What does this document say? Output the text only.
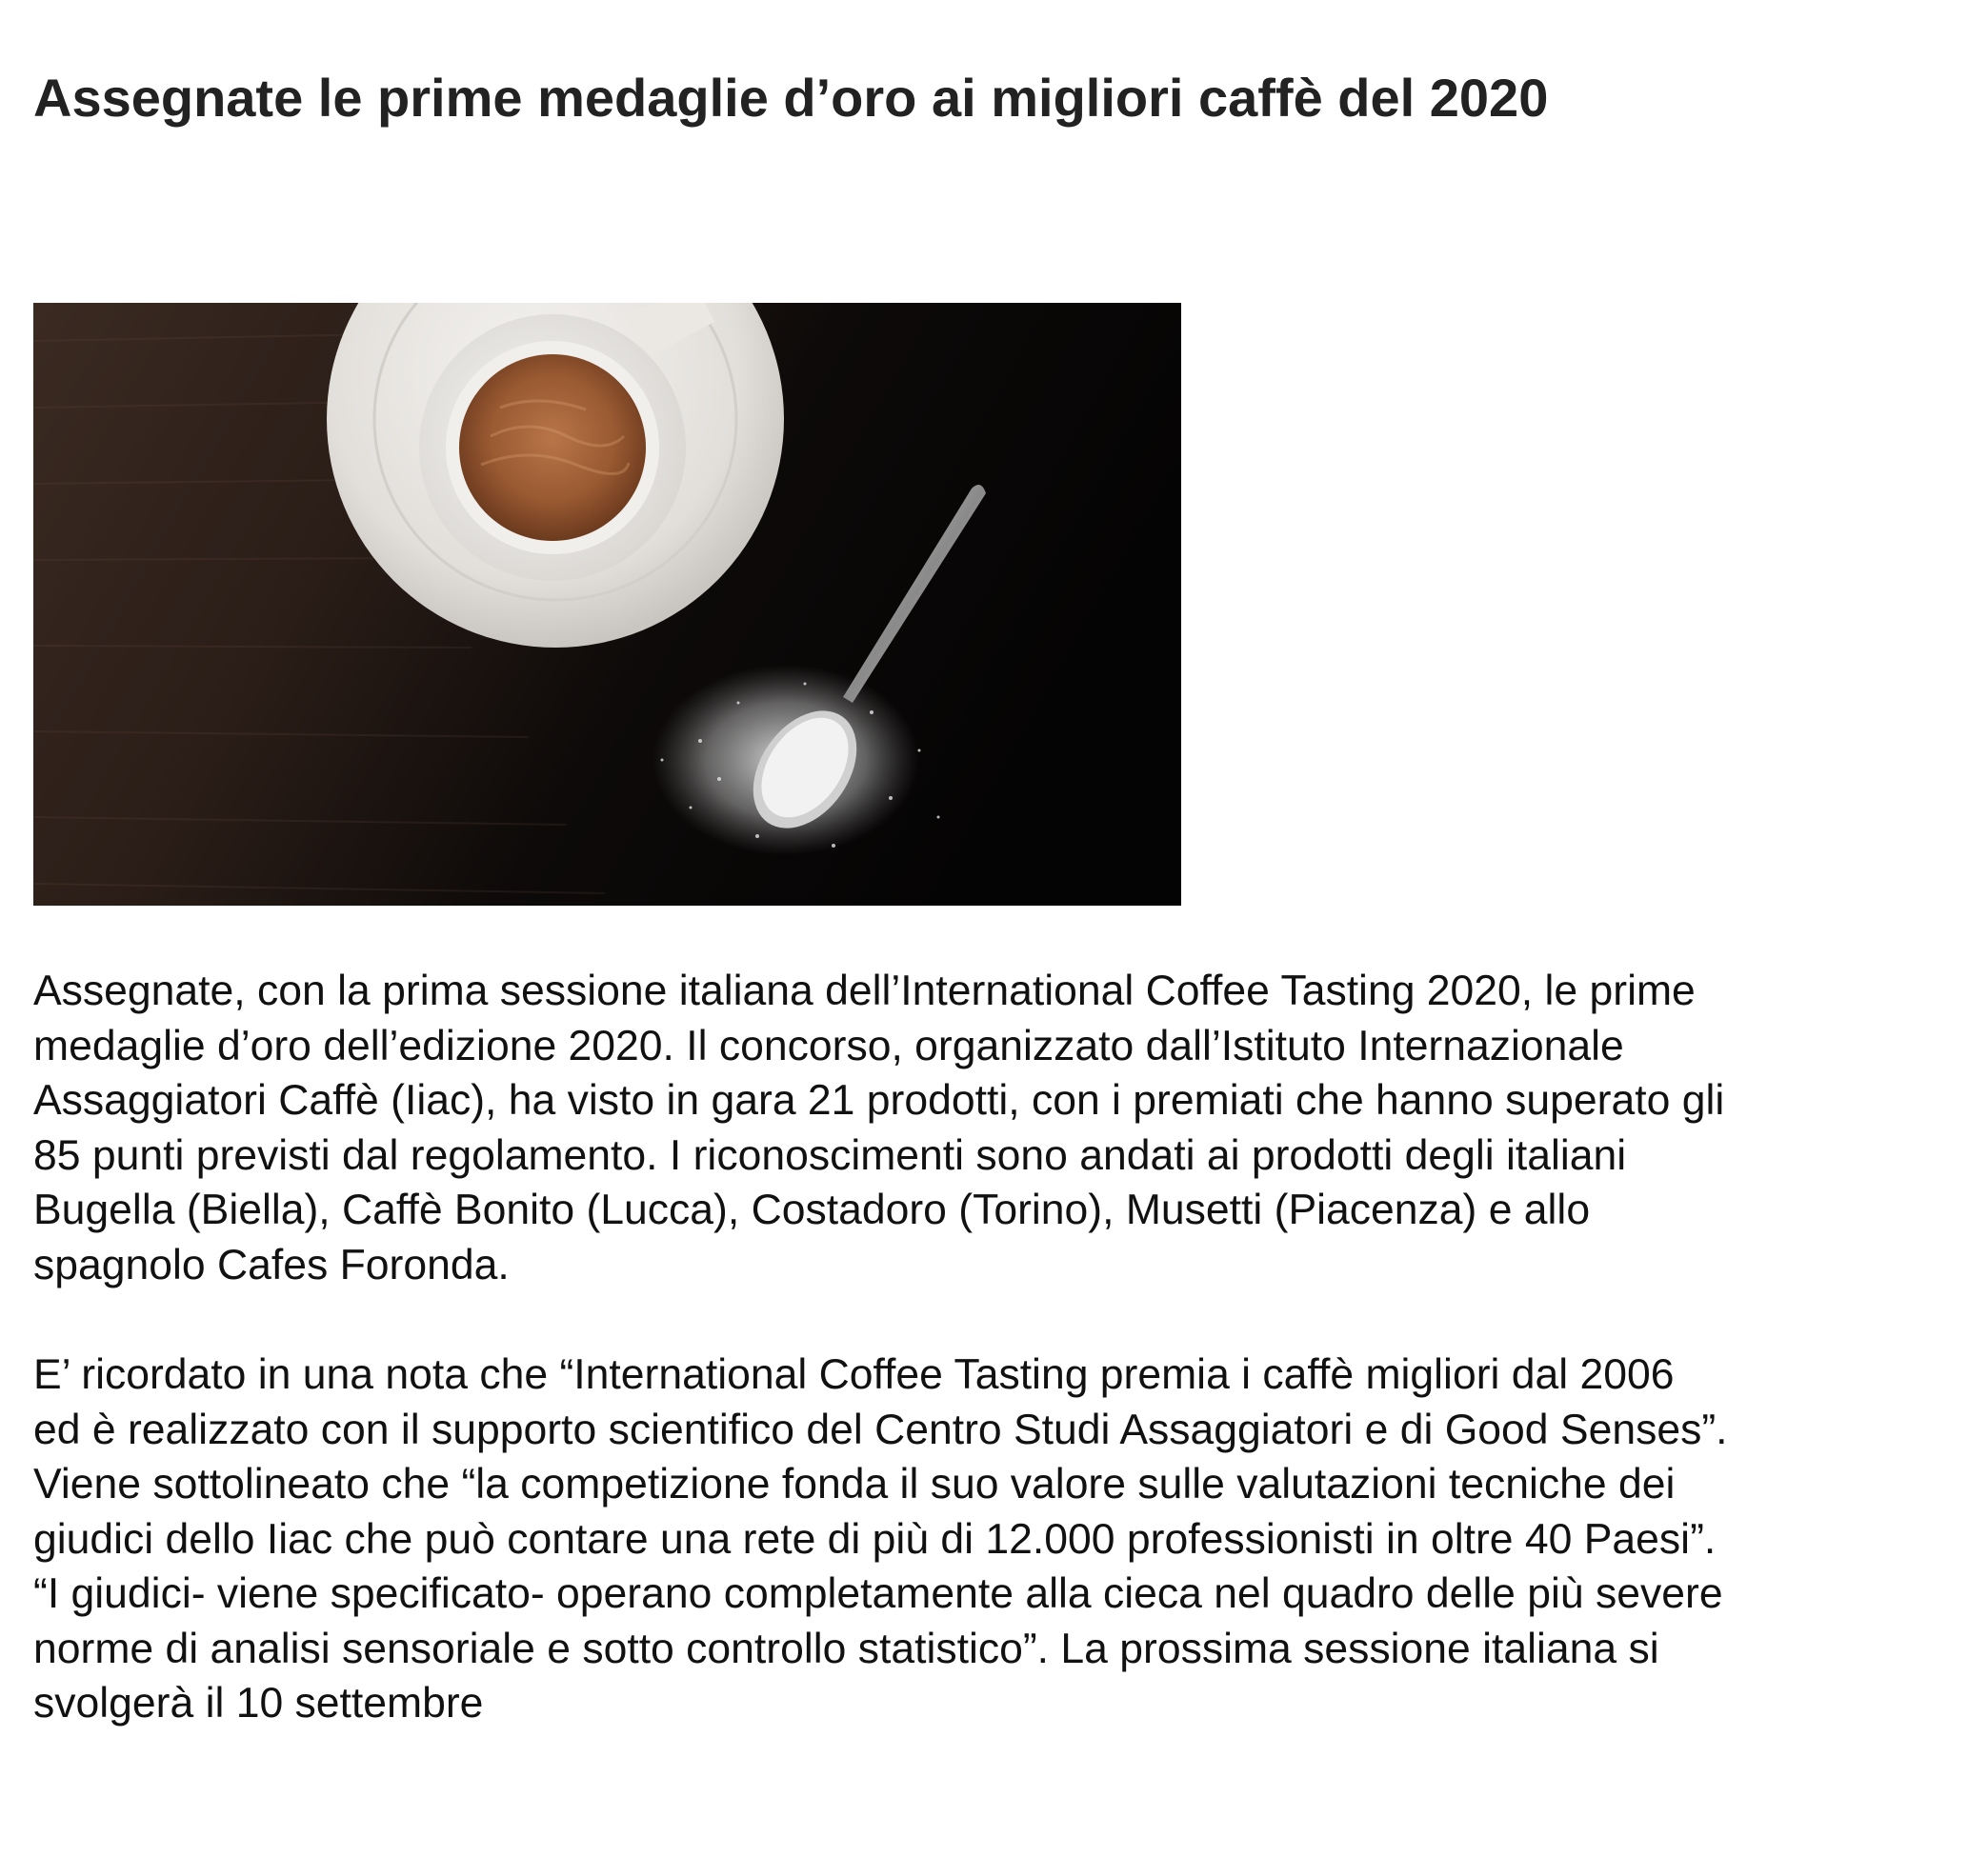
Assegnate le prime medaglie d’oro ai migliori caffè del 2020

Assegnate, con la prima sessione italiana dell’International Coffee Tasting 2020, le prime
medaglie d’oro dell’edizione 2020. Il concorso, organizzato dall’Istituto Internazionale
Assaggiatori Caffè (Iiac), ha visto in gara 21 prodotti, con i premiati che hanno superato gli
85 punti previsti dal regolamento. I riconoscimenti sono andati ai prodotti degli italiani
Bugella (Biella), Caffè Bonito (Lucca), Costadoro (Torino), Musetti (Piacenza) e allo
spagnolo Cafes Foronda.

E’ ricordato in una nota che “International Coffee Tasting premia i caffè migliori dal 2006
ed è realizzato con il supporto scientifico del Centro Studi Assaggiatori e di Good Senses”.
Viene sottolineato che “la competizione fonda il suo valore sulle valutazioni tecniche dei
giudici dello Iiac che può contare una rete di più di 12.000 professionisti in oltre 40 Paesi”.
“I giudici- viene specificato- operano completamente alla cieca nel quadro delle più severe
norme di analisi sensoriale e sotto controllo statistico”. La prossima sessione italiana si
svolgerà il 10 settembre
